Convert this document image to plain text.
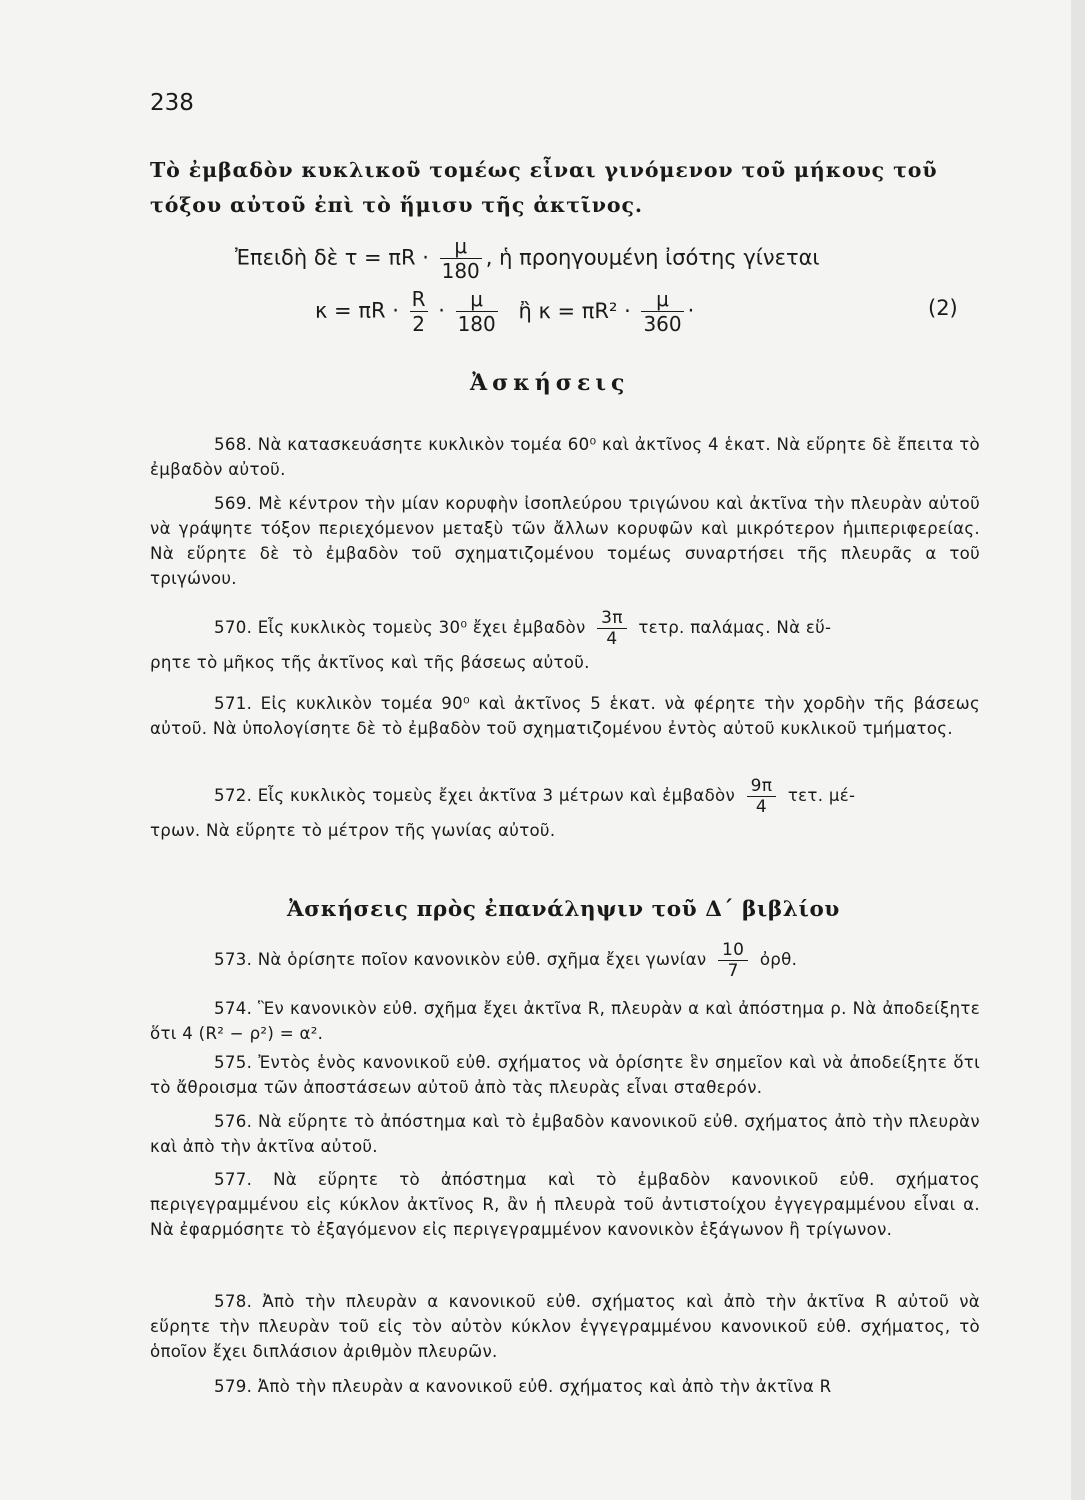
238
Τὸ ἐμβαδὸν κυκλικοῦ τομέως εἶναι γινόμενον τοῦ μήκους τοῦ τόξου αὐτοῦ ἐπὶ τὸ ἥμισυ τῆς ἀκτῖνος.
Ἐπειδὴ δὲ $\tau = \pi R \cdot \frac{\mu}{180}$ , ἡ προηγουμένη ἰσότης γίνεται
$\kappa = \pi R \cdot \frac{R}{2} \cdot \frac{\mu}{180}$ ἢ $\kappa = \pi R^2 \cdot \frac{\mu}{360}$ ·	(2)
Ἀσκήσεις

568. Νὰ κατασκευάσητε κυκλικὸν τομέα 60⁰ καὶ ἀκτῖνος 4 ἑκατ. Νὰ εὕρητε δὲ ἔπειτα τὸ ἐμβαδὸν αὐτοῦ.

569. Μὲ κέντρον τὴν μίαν κορυφὴν ἰσοπλεύρου τριγώνου καὶ ἀκτῖνα τὴν πλευρὰν αὐτοῦ νὰ γράψητε τόξον περιεχόμενον μεταξὺ τῶν ἄλλων κορυφῶν καὶ μικρότερον ἡμιπεριφερείας. Νὰ εὕρητε δὲ τὸ ἐμβαδὸν τοῦ σχηματιζομένου τομέως συναρτήσει τῆς πλευρᾶς α τοῦ τριγώνου.

570. Εἷς κυκλικὸς τομεὺς 30⁰ ἔχει ἐμβαδὸν $\frac{3\pi}{4} \tau\varepsilon\tau\rho$. παλάμας. Νὰ εὕ-
ρητε τὸ μῆκος τῆς ἀκτῖνος καὶ τῆς βάσεως αὐτοῦ.

571. Εἰς κυκλικὸν τομέα 90⁰ καὶ ἀκτῖνος 5 ἑκατ. νὰ φέρητε τὴν χορδὴν τῆς βάσεως αὐτοῦ. Νὰ ὑπολογίσητε δὲ τὸ ἐμβαδὸν τοῦ σχηματιζομένου ἐντὸς αὐτοῦ κυκλικοῦ τμήματος.

572. Εἷς κυκλικὸς τομεὺς ἔχει ἀκτῖνα 3 μέτρων καὶ ἐμβαδὸν $\frac{9\pi}{4} \tau\varepsilon\tau$. μέ-
τρων. Νὰ εὕρητε τὸ μέτρον τῆς γωνίας αὐτοῦ.
Ἀσκήσεις πρὸς ἐπανάληψιν τοῦ Δ΄ βιβλίου
573. Νὰ ὁρίσητε ποῖον κανονικὸν εὐθ. σχῆμα ἔχει γωνίαν $\frac{10}{7}$ ὀρθ.

574. Ἓν κανονικὸν εὐθ. σχῆμα ἔχει ἀκτῖνα R, πλευρὰν α καὶ ἀπόστημα ρ. Νὰ ἀποδείξητε ὅτι 4 (R² − ρ²) = α².

575. Ἐντὸς ἑνὸς κανονικοῦ εὐθ. σχήματος νὰ ὁρίσητε ἓν σημεῖον καὶ νὰ ἀποδείξητε ὅτι τὸ ἄθροισμα τῶν ἀποστάσεων αὐτοῦ ἀπὸ τὰς πλευρὰς εἶναι σταθερόν.

576. Νὰ εὕρητε τὸ ἀπόστημα καὶ τὸ ἐμβαδὸν κανονικοῦ εὐθ. σχήματος ἀπὸ τὴν πλευρὰν καὶ ἀπὸ τὴν ἀκτῖνα αὐτοῦ.

577. Νὰ εὕρητε τὸ ἀπόστημα καὶ τὸ ἐμβαδὸν κανονικοῦ εὐθ. σχήματος περιγεγραμμένου εἰς κύκλον ἀκτῖνος R, ἂν ἡ πλευρὰ τοῦ ἀντιστοίχου ἐγγεγραμμένου εἶναι α. Νὰ ἐφαρμόσητε τὸ ἐξαγόμενον εἰς περιγεγραμμένον κανονικὸν ἑξάγωνον ἢ τρίγωνον.

578. Ἀπὸ τὴν πλευρὰν α κανονικοῦ εὐθ. σχήματος καὶ ἀπὸ τὴν ἀκτῖνα R αὐτοῦ νὰ εὕρητε τὴν πλευρὰν τοῦ εἰς τὸν αὐτὸν κύκλον ἐγγεγραμμένου κανονικοῦ εὐθ. σχήματος, τὸ ὁποῖον ἔχει διπλάσιον ἀριθμὸν πλευρῶν.

579. Ἀπὸ τὴν πλευρὰν α κανονικοῦ εὐθ. σχήματος καὶ ἀπὸ τὴν ἀκτῖνα R
